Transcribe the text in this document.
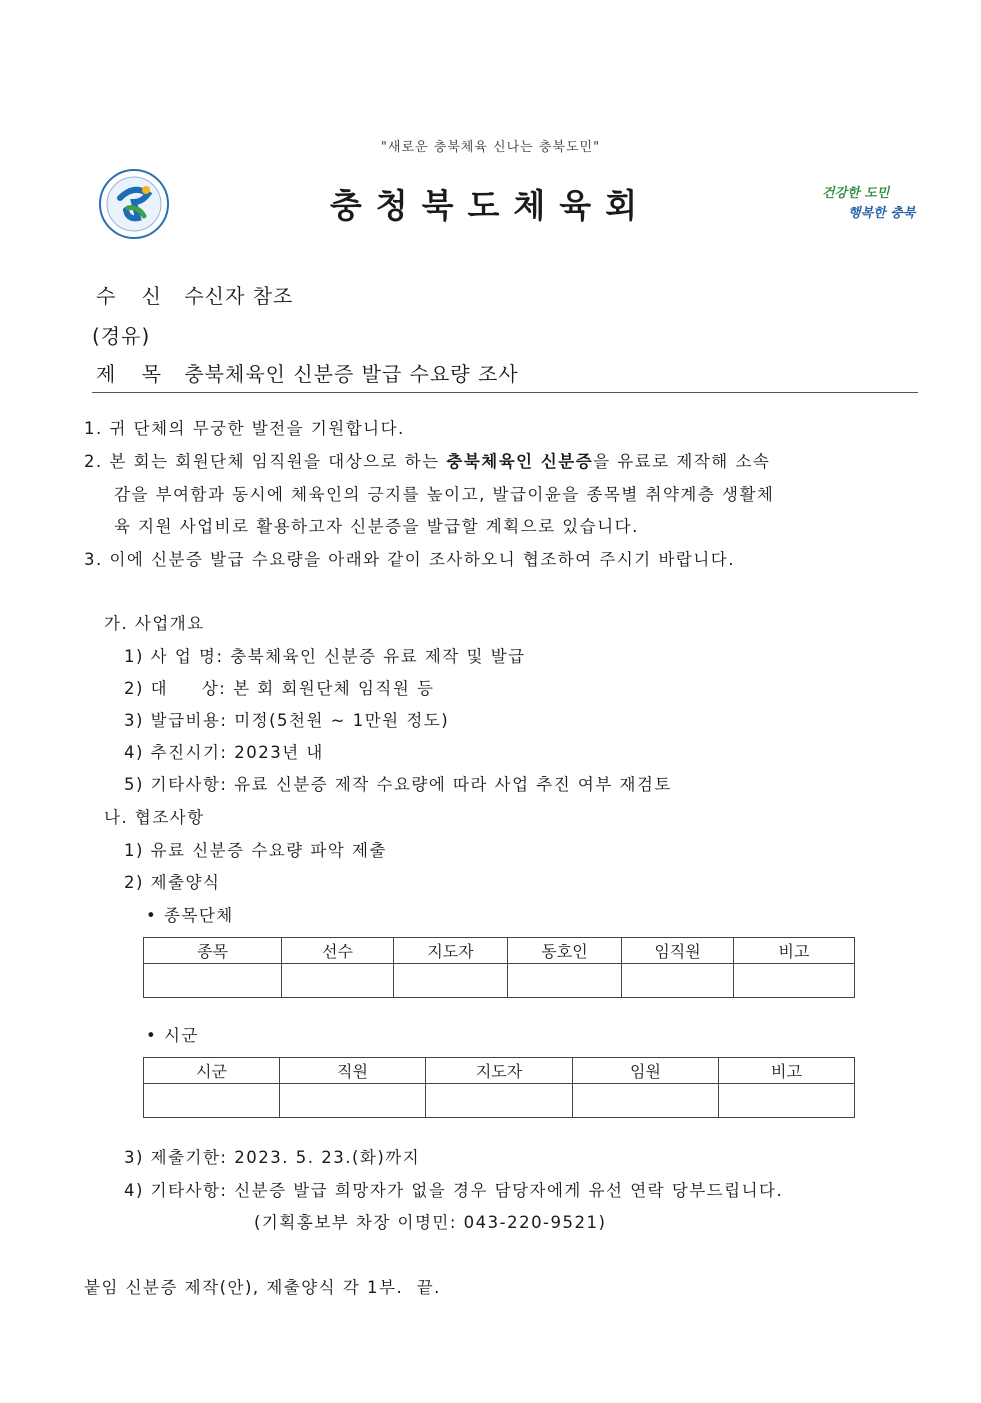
"새로운 충북체육 신나는 충북도민"
충청북도체육회	건강한 도민
행복한 충북
수 신 수신자 참조
(경유)
제 목 충북체육인 신분증 발급 수요량 조사
1. 귀 단체의 무궁한 발전을 기원합니다.
2. 본 회는 회원단체 임직원을 대상으로 하는 충북체육인 신분증을 유료로 제작해 소속
감을 부여함과 동시에 체육인의 긍지를 높이고, 발급이윤을 종목별 취약계층 생활체
육 지원 사업비로 활용하고자 신분증을 발급할 계획으로 있습니다.
3. 이에 신분증 발급 수요량을 아래와 같이 조사하오니 협조하여 주시기 바랍니다.
가. 사업개요
1) 사 업 명: 충북체육인 신분증 유료 제작 및 발급
2) 대     상: 본 회 회원단체 임직원 등
3) 발급비용: 미정(5천원 ~ 1만원 정도)
4) 추진시기: 2023년 내
5) 기타사항: 유료 신분증 제작 수요량에 따라 사업 추진 여부 재검토
나. 협조사항
1) 유료 신분증 수요량 파악 제출
2) 제출양식
• 종목단체
종목	선수	지도자	동호인	임직원	비고

• 시군
시군	직원	지도자	임원	비고

3) 제출기한: 2023. 5. 23.(화)까지
4) 기타사항: 신분증 발급 희망자가 없을 경우 담당자에게 유선 연락 당부드립니다.
(기획홍보부 차장 이명민: 043-220-9521)
붙임 신분증 제작(안), 제출양식 각 1부.  끝.
